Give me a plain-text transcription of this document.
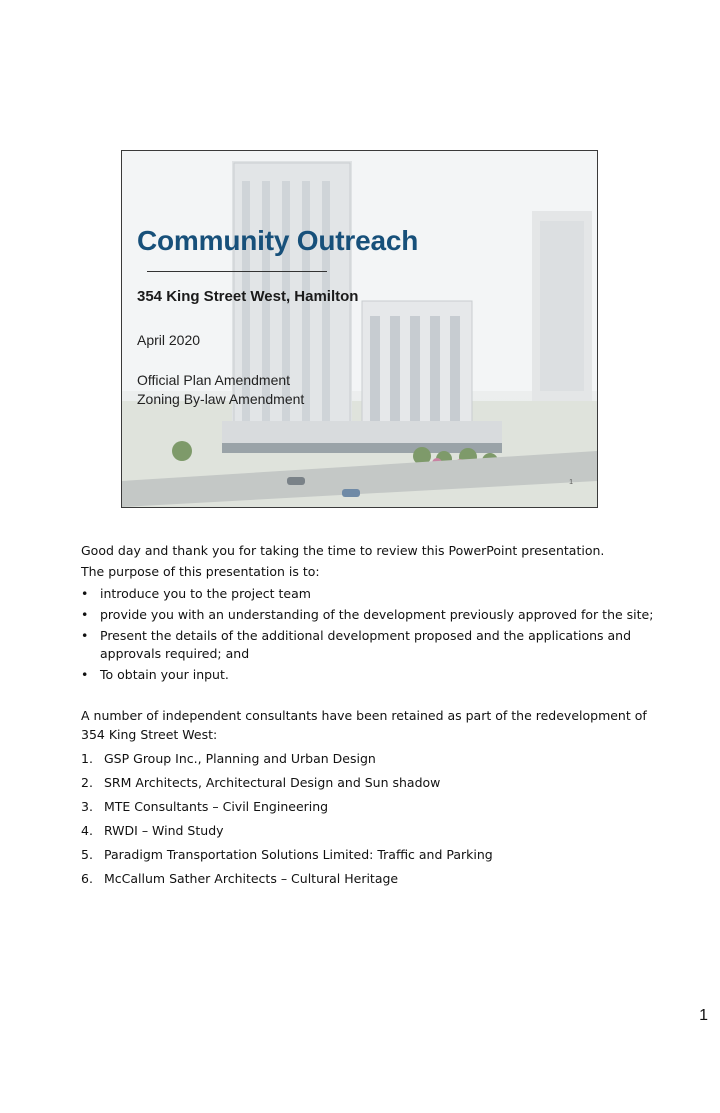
Community Outreach
354 King Street West, Hamilton
April 2020
Official Plan Amendment
Zoning By-law Amendment
1

Good day and thank you for taking the time to review this PowerPoint presentation.

The purpose of this presentation is to:

• introduce you to the project team
• provide you with an understanding of the development previously approved for the site;
• Present the details of the additional development proposed and the applications and approvals required; and
• To obtain your input.

A number of independent consultants have been retained as part of the redevelopment of 354 King Street West:

1. GSP Group Inc., Planning and Urban Design
2. SRM Architects, Architectural Design and Sun shadow
3. MTE Consultants – Civil Engineering
4. RWDI – Wind Study
5. Paradigm Transportation Solutions Limited: Traffic and Parking
6. McCallum Sather Architects – Cultural Heritage
1
